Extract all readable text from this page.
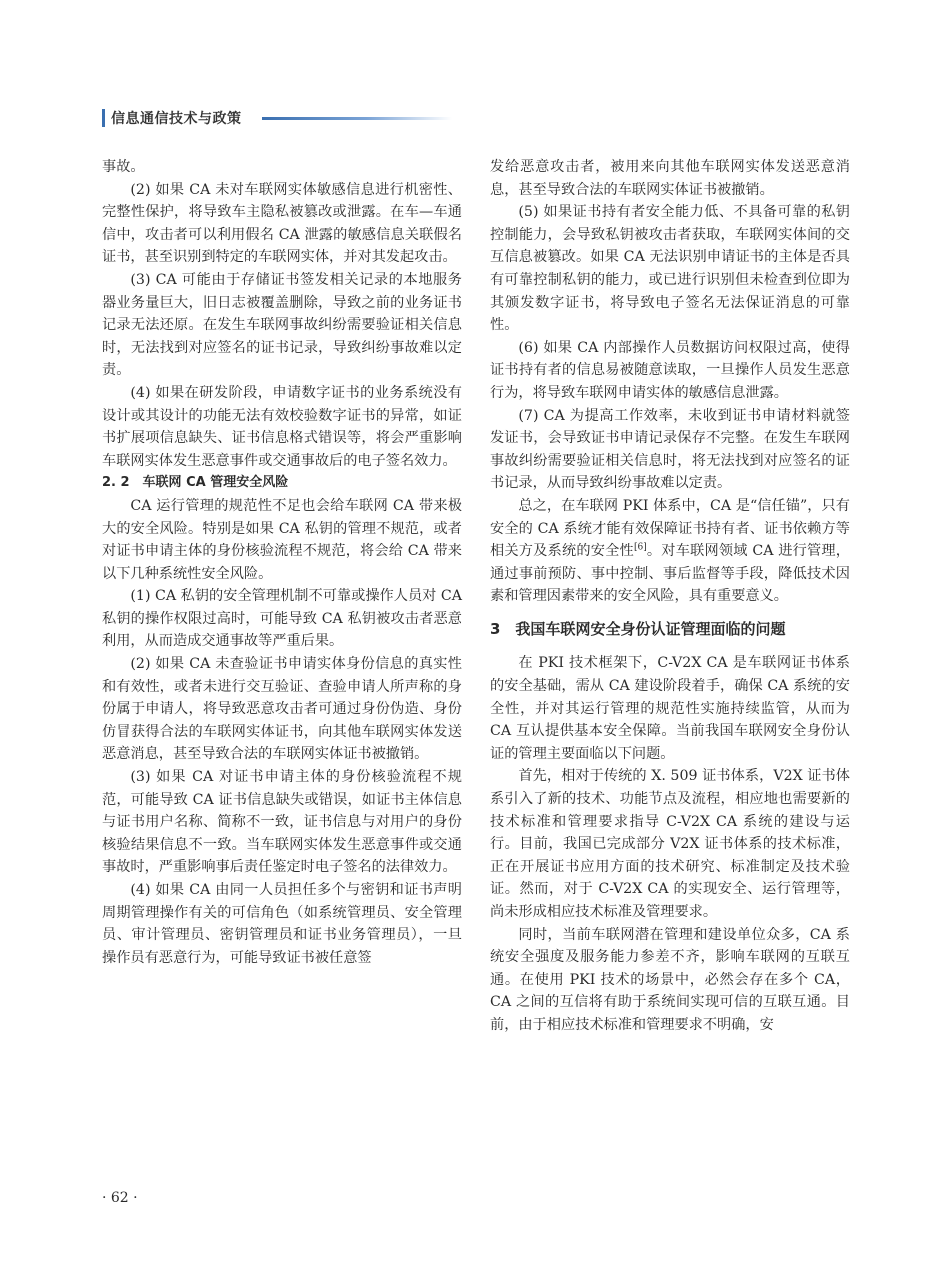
信息通信技术与政策

事故。

(2) 如果 CA 未对车联网实体敏感信息进行机密性、完整性保护，将导致车主隐私被篡改或泄露。在车—车通信中，攻击者可以利用假名 CA 泄露的敏感信息关联假名证书，甚至识别到特定的车联网实体，并对其发起攻击。

(3) CA 可能由于存储证书签发相关记录的本地服务器业务量巨大，旧日志被覆盖删除，导致之前的业务证书记录无法还原。在发生车联网事故纠纷需要验证相关信息时，无法找到对应签名的证书记录，导致纠纷事故难以定责。

(4) 如果在研发阶段，申请数字证书的业务系统没有设计或其设计的功能无法有效校验数字证书的异常，如证书扩展项信息缺失、证书信息格式错误等，将会严重影响车联网实体发生恶意事件或交通事故后的电子签名效力。

2. 2　车联网 CA 管理安全风险

CA 运行管理的规范性不足也会给车联网 CA 带来极大的安全风险。特别是如果 CA 私钥的管理不规范，或者对证书申请主体的身份核验流程不规范，将会给 CA 带来以下几种系统性安全风险。

(1) CA 私钥的安全管理机制不可靠或操作人员对 CA 私钥的操作权限过高时，可能导致 CA 私钥被攻击者恶意利用，从而造成交通事故等严重后果。

(2) 如果 CA 未查验证书申请实体身份信息的真实性和有效性，或者未进行交互验证、查验申请人所声称的身份属于申请人，将导致恶意攻击者可通过身份伪造、身份仿冒获得合法的车联网实体证书，向其他车联网实体发送恶意消息，甚至导致合法的车联网实体证书被撤销。

(3) 如果 CA 对证书申请主体的身份核验流程不规范，可能导致 CA 证书信息缺失或错误，如证书主体信息与证书用户名称、简称不一致，证书信息与对用户的身份核验结果信息不一致。当车联网实体发生恶意事件或交通事故时，严重影响事后责任鉴定时电子签名的法律效力。

(4) 如果 CA 由同一人员担任多个与密钥和证书声明周期管理操作有关的可信角色（如系统管理员、安全管理员、审计管理员、密钥管理员和证书业务管理员），一旦操作员有恶意行为，可能导致证书被任意签

发给恶意攻击者，被用来向其他车联网实体发送恶意消息，甚至导致合法的车联网实体证书被撤销。

(5) 如果证书持有者安全能力低、不具备可靠的私钥控制能力，会导致私钥被攻击者获取，车联网实体间的交互信息被篡改。如果 CA 无法识别申请证书的主体是否具有可靠控制私钥的能力，或已进行识别但未检查到位即为其颁发数字证书，将导致电子签名无法保证消息的可靠性。

(6) 如果 CA 内部操作人员数据访问权限过高，使得证书持有者的信息易被随意读取，一旦操作人员发生恶意行为，将导致车联网申请实体的敏感信息泄露。

(7) CA 为提高工作效率，未收到证书申请材料就签发证书，会导致证书申请记录保存不完整。在发生车联网事故纠纷需要验证相关信息时，将无法找到对应签名的证书记录，从而导致纠纷事故难以定责。

总之，在车联网 PKI 体系中，CA 是“信任锚”，只有安全的 CA 系统才能有效保障证书持有者、证书依赖方等相关方及系统的安全性[6]。对车联网领域 CA 进行管理，通过事前预防、事中控制、事后监督等手段，降低技术因素和管理因素带来的安全风险，具有重要意义。

3　我国车联网安全身份认证管理面临的问题

在 PKI 技术框架下，C-V2X CA 是车联网证书体系的安全基础，需从 CA 建设阶段着手，确保 CA 系统的安全性，并对其运行管理的规范性实施持续监管，从而为 CA 互认提供基本安全保障。当前我国车联网安全身份认证的管理主要面临以下问题。

首先，相对于传统的 X. 509 证书体系，V2X 证书体系引入了新的技术、功能节点及流程，相应地也需要新的技术标准和管理要求指导 C-V2X CA 系统的建设与运行。目前，我国已完成部分 V2X 证书体系的技术标准，正在开展证书应用方面的技术研究、标准制定及技术验证。然而，对于 C-V2X CA 的实现安全、运行管理等，尚未形成相应技术标准及管理要求。

同时，当前车联网潜在管理和建设单位众多，CA 系统安全强度及服务能力参差不齐，影响车联网的互联互通。在使用 PKI 技术的场景中，必然会存在多个 CA，CA 之间的互信将有助于系统间实现可信的互联互通。目前，由于相应技术标准和管理要求不明确，安

· 62 ·
